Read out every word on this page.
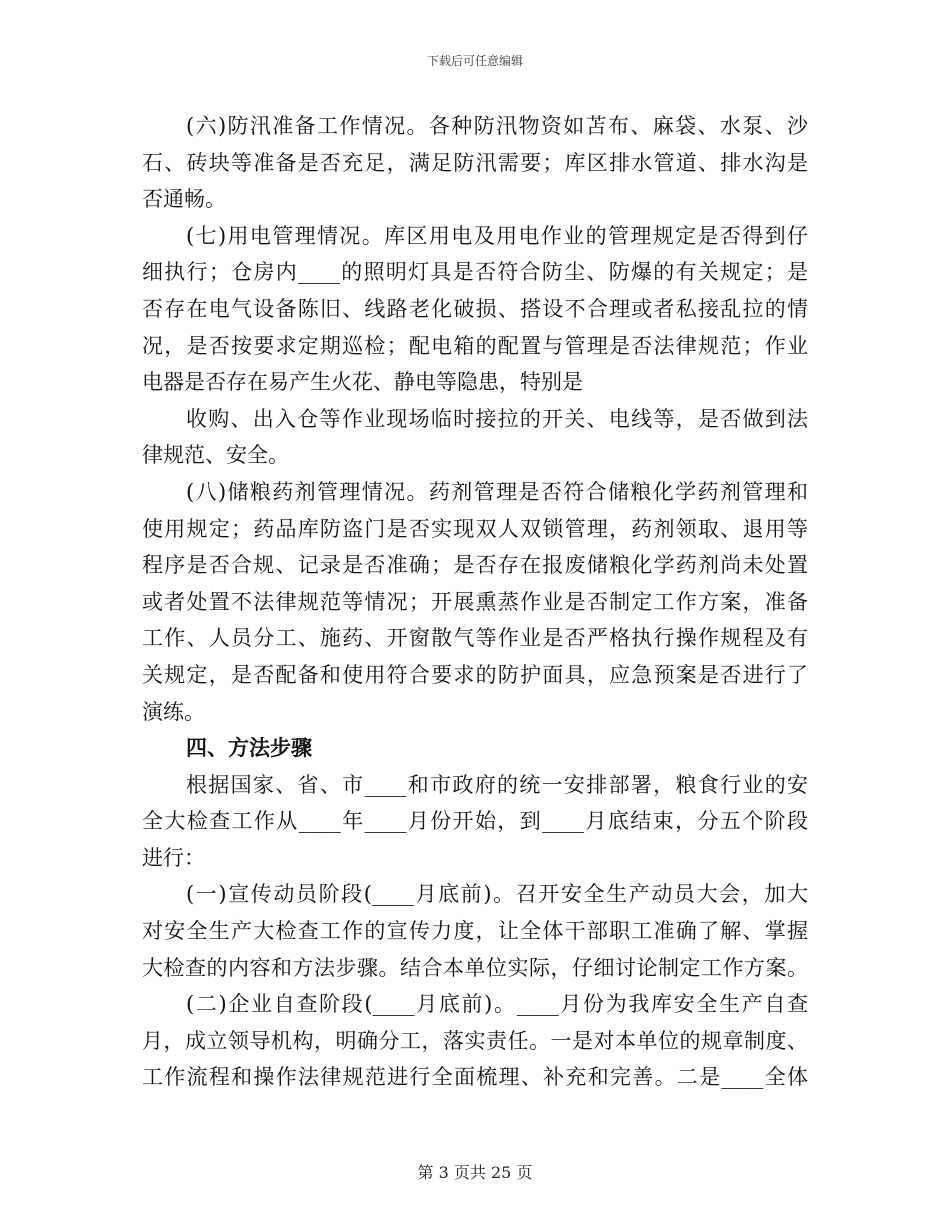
下载后可任意编辑
(六)防汛准备工作情况。各种防汛物资如苫布、麻袋、水泵、沙
石、砖块等准备是否充足，满足防汛需要；库区排水管道、排水沟是
否通畅。
(七)用电管理情况。库区用电及用电作业的管理规定是否得到仔
细执行；仓房内____的照明灯具是否符合防尘、防爆的有关规定；是
否存在电气设备陈旧、线路老化破损、搭设不合理或者私接乱拉的情
况，是否按要求定期巡检；配电箱的配置与管理是否法律规范；作业
电器是否存在易产生火花、静电等隐患，特别是
收购、出入仓等作业现场临时接拉的开关、电线等，是否做到法
律规范、安全。
(八)储粮药剂管理情况。药剂管理是否符合储粮化学药剂管理和
使用规定；药品库防盗门是否实现双人双锁管理，药剂领取、退用等
程序是否合规、记录是否准确；是否存在报废储粮化学药剂尚未处置
或者处置不法律规范等情况；开展熏蒸作业是否制定工作方案，准备
工作、人员分工、施药、开窗散气等作业是否严格执行操作规程及有
关规定，是否配备和使用符合要求的防护面具，应急预案是否进行了
演练。
四、方法步骤
根据国家、省、市____和市政府的统一安排部署，粮食行业的安
全大检查工作从____年____月份开始，到____月底结束，分五个阶段
进行：
(一)宣传动员阶段(____月底前)。召开安全生产动员大会，加大
对安全生产大检查工作的宣传力度，让全体干部职工准确了解、掌握
大检查的内容和方法步骤。结合本单位实际，仔细讨论制定工作方案。
(二)企业自查阶段(____月底前)。____月份为我库安全生产自查
月，成立领导机构，明确分工，落实责任。一是对本单位的规章制度、
工作流程和操作法律规范进行全面梳理、补充和完善。二是____全体
第 3 页共 25 页
